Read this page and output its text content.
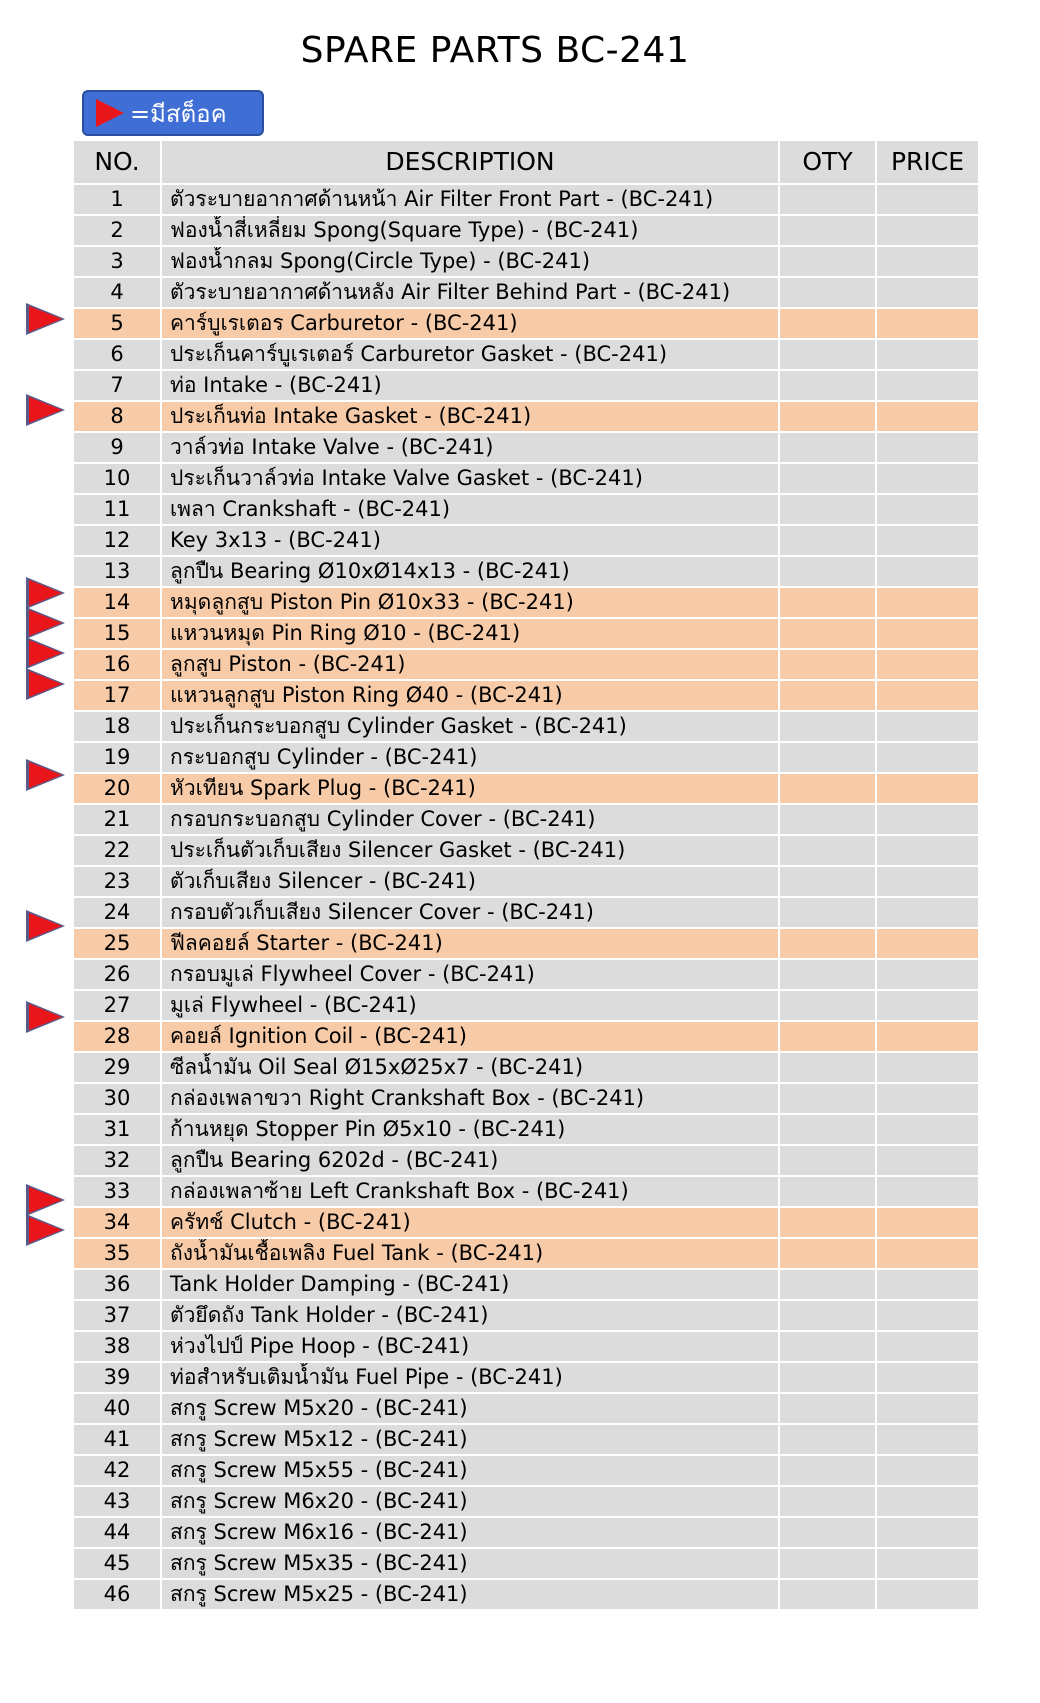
SPARE PARTS BC-241
=มีสต็อค
NO.	DESCRIPTION	OTY	PRICE
1	ตัวระบายอากาศด้านหน้า Air Filter Front Part - (BC-241)		
2	ฟองน้ำสี่เหลี่ยม Spong(Square Type) - (BC-241)		
3	ฟองน้ำกลม Spong(Circle Type) - (BC-241)		
4	ตัวระบายอากาศด้านหลัง Air Filter Behind Part - (BC-241)		
5	คาร์บูเรเตอร Carburetor - (BC-241)		
6	ประเก็นคาร์บูเรเตอร์ Carburetor Gasket - (BC-241)		
7	ท่อ Intake - (BC-241)		
8	ประเก็นท่อ Intake Gasket - (BC-241)		
9	วาล์วท่อ Intake Valve - (BC-241)		
10	ประเก็นวาล์วท่อ Intake Valve Gasket - (BC-241)		
11	เพลา Crankshaft - (BC-241)		
12	Key 3x13 - (BC-241)		
13	ลูกปืน Bearing Ø10xØ14x13 - (BC-241)		
14	หมุดลูกสูบ Piston Pin Ø10x33 - (BC-241)		
15	แหวนหมุด Pin Ring Ø10 - (BC-241)		
16	ลูกสูบ Piston - (BC-241)		
17	แหวนลูกสูบ Piston Ring Ø40 - (BC-241)		
18	ประเก็นกระบอกสูบ Cylinder Gasket - (BC-241)		
19	กระบอกสูบ Cylinder - (BC-241)		
20	หัวเทียน Spark Plug - (BC-241)		
21	กรอบกระบอกสูบ Cylinder Cover - (BC-241)		
22	ประเก็นตัวเก็บเสียง Silencer Gasket - (BC-241)		
23	ตัวเก็บเสียง Silencer - (BC-241)		
24	กรอบตัวเก็บเสียง Silencer Cover - (BC-241)		
25	ฟีลคอยล์ Starter - (BC-241)		
26	กรอบมูเล่ Flywheel Cover - (BC-241)		
27	มูเล่ Flywheel - (BC-241)		
28	คอยล์ Ignition Coil - (BC-241)		
29	ซีลน้ำมัน Oil Seal Ø15xØ25x7 - (BC-241)		
30	กล่องเพลาขวา Right Crankshaft Box - (BC-241)		
31	ก้านหยุด Stopper Pin Ø5x10 - (BC-241)		
32	ลูกปืน Bearing 6202d - (BC-241)		
33	กล่องเพลาซ้าย Left Crankshaft Box - (BC-241)		
34	ครัทช์ Clutch - (BC-241)		
35	ถังน้ำมันเชื้อเพลิง Fuel Tank - (BC-241)		
36	Tank Holder Damping - (BC-241)		
37	ตัวยึดถัง Tank Holder - (BC-241)		
38	ห่วงไปป์ Pipe Hoop - (BC-241)		
39	ท่อสำหรับเติมน้ำมัน Fuel Pipe - (BC-241)		
40	สกรู Screw M5x20 - (BC-241)		
41	สกรู Screw M5x12 - (BC-241)		
42	สกรู Screw M5x55 - (BC-241)		
43	สกรู Screw M6x20 - (BC-241)		
44	สกรู Screw M6x16 - (BC-241)		
45	สกรู Screw M5x35 - (BC-241)		
46	สกรู Screw M5x25 - (BC-241)		
